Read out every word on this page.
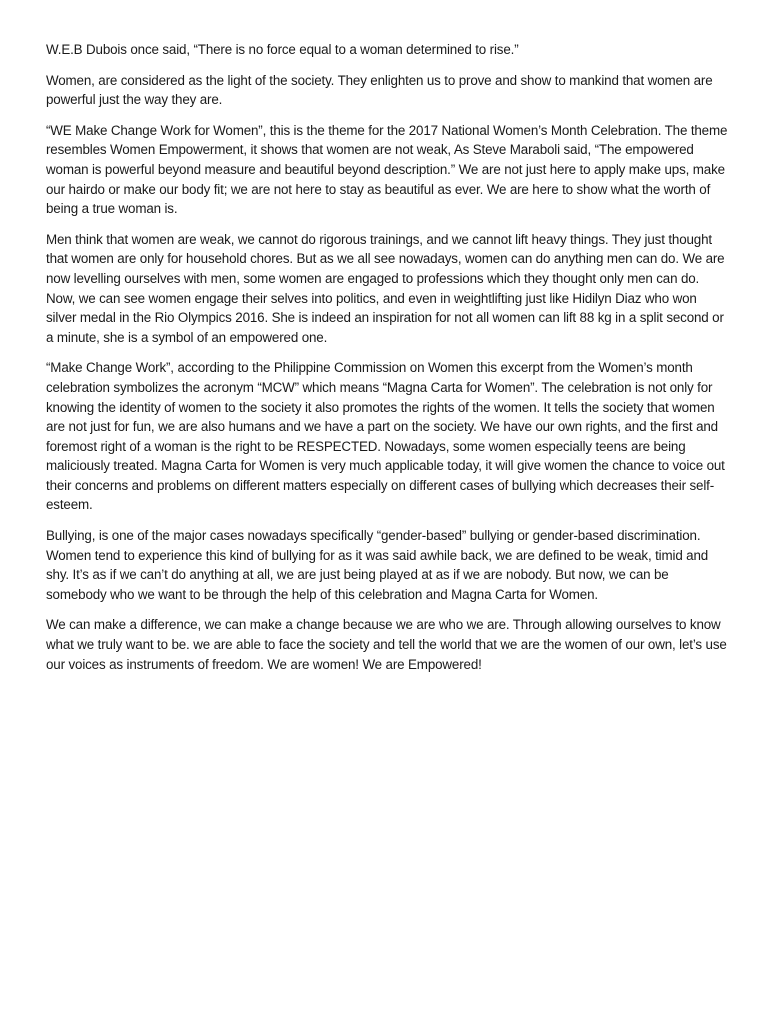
W.E.B Dubois once said, “There is no force equal to a woman determined to rise.”

Women, are considered as the light of the society. They enlighten us to prove and show to mankind that women are powerful just the way they are.

“WE Make Change Work for Women”, this is the theme for the 2017 National Women’s Month Celebration. The theme resembles Women Empowerment, it shows that women are not weak, As Steve Maraboli said, “The empowered woman is powerful beyond measure and beautiful beyond description.” We are not just here to apply make ups, make our hairdo or make our body fit; we are not here to stay as beautiful as ever. We are here to show what the worth of being a true woman is.

Men think that women are weak, we cannot do rigorous trainings, and we cannot lift heavy things. They just thought that women are only for household chores. But as we all see nowadays, women can do anything men can do. We are now levelling ourselves with men, some women are engaged to professions which they thought only men can do. Now, we can see women engage their selves into politics, and even in weightlifting just like Hidilyn Diaz who won silver medal in the Rio Olympics 2016. She is indeed an inspiration for not all women can lift 88 kg in a split second or a minute, she is a symbol of an empowered one.

“Make Change Work”, according to the Philippine Commission on Women this excerpt from the Women’s month celebration symbolizes the acronym “MCW” which means “Magna Carta for Women”. The celebration is not only for knowing the identity of women to the society it also promotes the rights of the women. It tells the society that women are not just for fun, we are also humans and we have a part on the society. We have our own rights, and the first and foremost right of a woman is the right to be RESPECTED. Nowadays, some women especially teens are being maliciously treated. Magna Carta for Women is very much applicable today, it will give women the chance to voice out their concerns and problems on different matters especially on different cases of bullying which decreases their self-esteem.

Bullying, is one of the major cases nowadays specifically “gender-based” bullying or gender-based discrimination. Women tend to experience this kind of bullying for as it was said awhile back, we are defined to be weak, timid and shy. It’s as if we can’t do anything at all, we are just being played at as if we are nobody. But now, we can be somebody who we want to be through the help of this celebration and Magna Carta for Women.

We can make a difference, we can make a change because we are who we are. Through allowing ourselves to know what we truly want to be. we are able to face the society and tell the world that we are the women of our own, let’s use our voices as instruments of freedom. We are women! We are Empowered!
